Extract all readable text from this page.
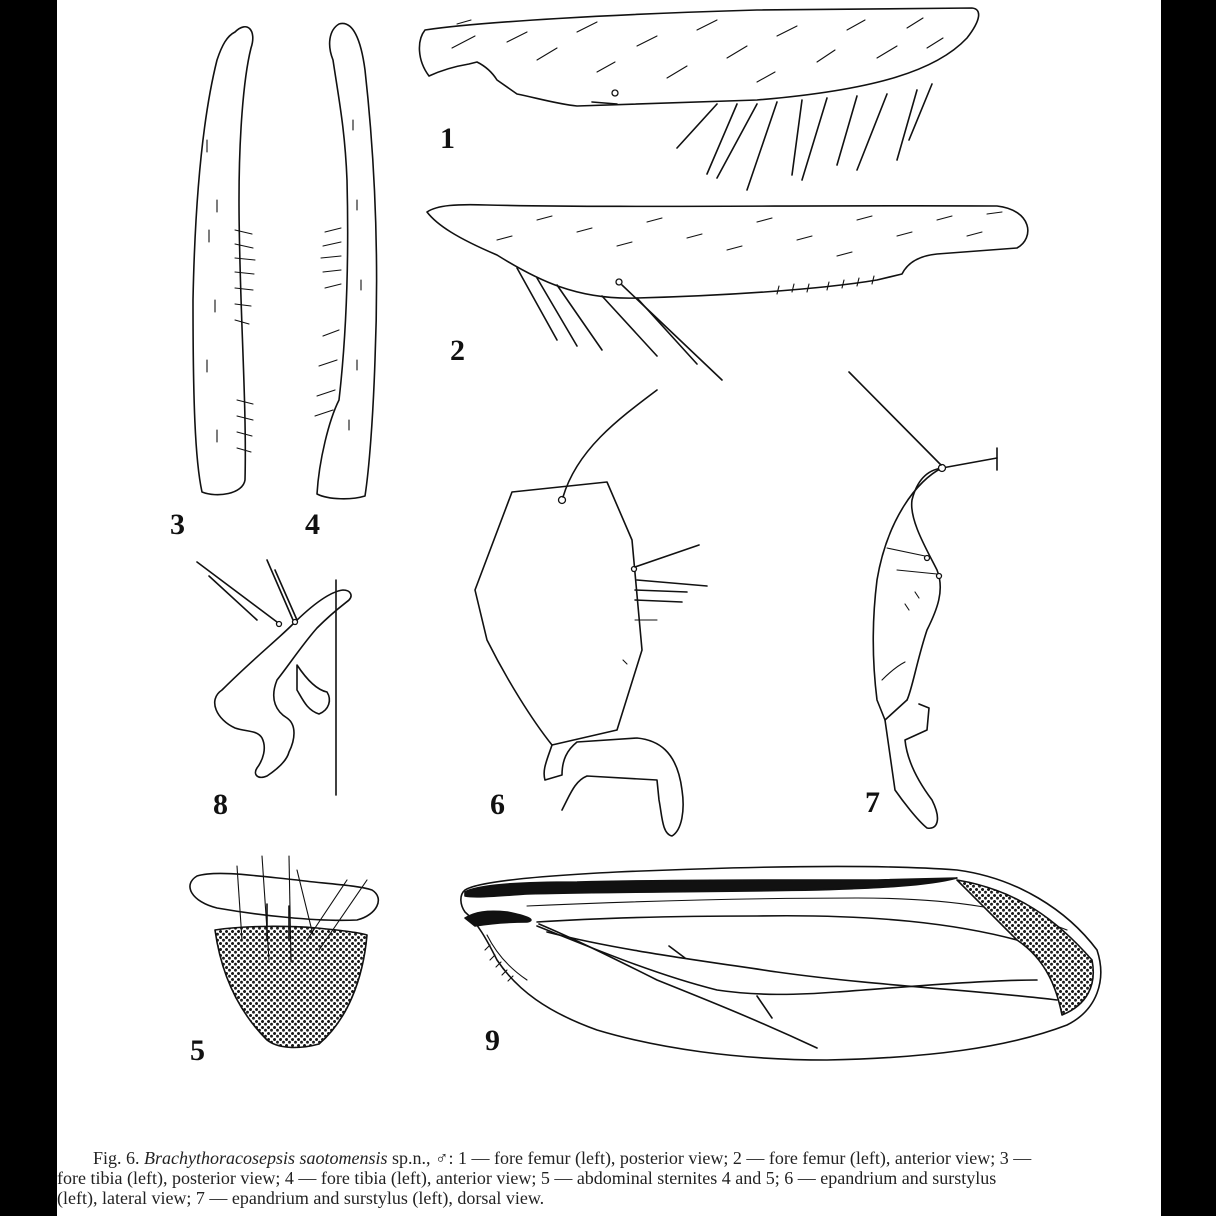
1
2
3	4
8	6	7
5	9

Fig. 6. Brachythoracosepsis saotomensis sp.n., ♂: 1 — fore femur (left), posterior view; 2 — fore femur (left), anterior view; 3 —

fore tibia (left), posterior view; 4 — fore tibia (left), anterior view; 5 — abdominal sternites 4 and 5; 6 — epandrium and surstylus

(left), lateral view; 7 — epandrium and surstylus (left), dorsal view.
